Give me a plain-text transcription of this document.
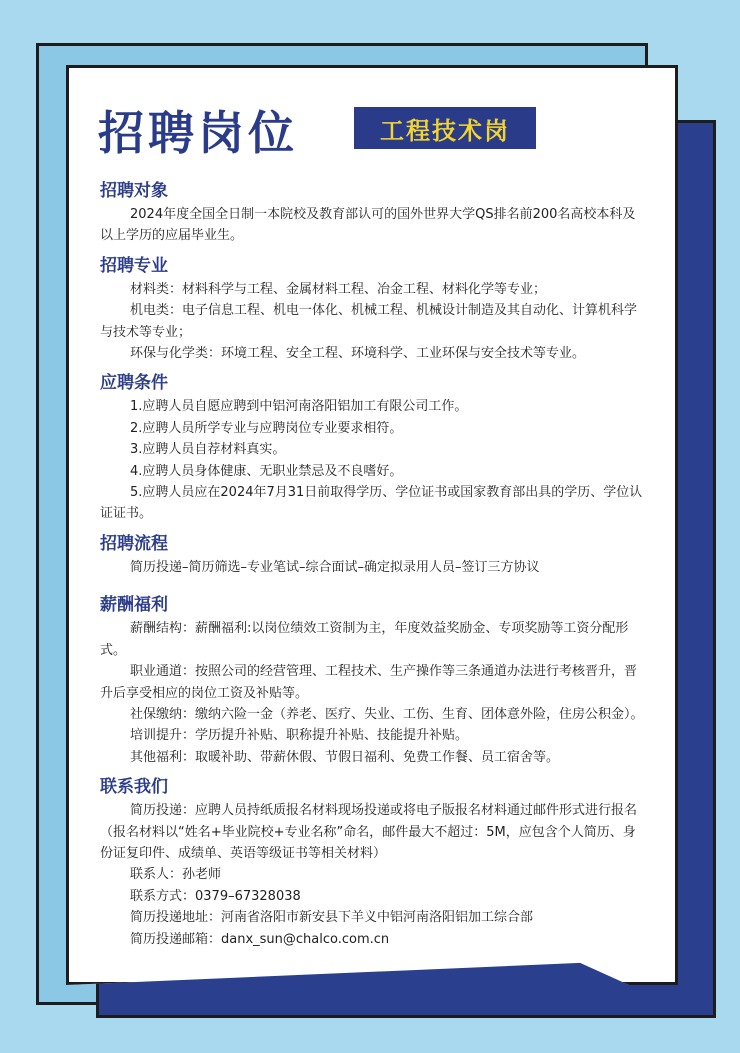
招聘岗位	工程技术岗

招聘对象

2024年度全国全日制一本院校及教育部认可的国外世界大学QS排名前200名高校本科及以上学历的应届毕业生。

招聘专业

材料类：材料科学与工程、金属材料工程、冶金工程、材料化学等专业；

机电类：电子信息工程、机电一体化、机械工程、机械设计制造及其自动化、计算机科学与技术等专业；

环保与化学类：环境工程、安全工程、环境科学、工业环保与安全技术等专业。

应聘条件

1.应聘人员自愿应聘到中铝河南洛阳铝加工有限公司工作。

2.应聘人员所学专业与应聘岗位专业要求相符。

3.应聘人员自荐材料真实。

4.应聘人员身体健康、无职业禁忌及不良嗜好。

5.应聘人员应在2024年7月31日前取得学历、学位证书或国家教育部出具的学历、学位认证证书。

招聘流程

简历投递–简历筛选–专业笔试–综合面试–确定拟录用人员–签订三方协议

薪酬福利

薪酬结构：薪酬福利:以岗位绩效工资制为主，年度效益奖励金、专项奖励等工资分配形式。

职业通道：按照公司的经营管理、工程技术、生产操作等三条通道办法进行考核晋升，晋升后享受相应的岗位工资及补贴等。

社保缴纳：缴纳六险一金（养老、医疗、失业、工伤、生育、团体意外险，住房公积金）。

培训提升：学历提升补贴、职称提升补贴、技能提升补贴。

其他福利：取暖补助、带薪休假、节假日福利、免费工作餐、员工宿舍等。

联系我们

简历投递：应聘人员持纸质报名材料现场投递或将电子版报名材料通过邮件形式进行报名（报名材料以“姓名+毕业院校+专业名称”命名，邮件最大不超过：5M，应包含个人简历、身份证复印件、成绩单、英语等级证书等相关材料）

联系人：孙老师

联系方式：0379–67328038

简历投递地址：河南省洛阳市新安县下羊义中铝河南洛阳铝加工综合部

简历投递邮箱：danx_sun@chalco.com.cn
